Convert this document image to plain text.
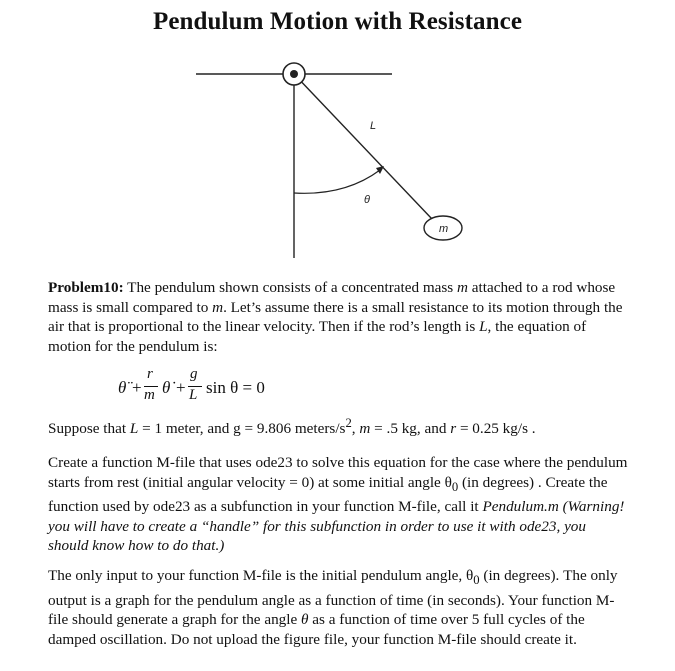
Pendulum Motion with Resistance
L
θ
m

Problem10: The pendulum shown consists of a concentrated mass m attached to a rod whose mass is small compared to m. Let’s assume there is a small resistance to its motion through the air that is proportional to the linear velocity. Then if the rod’s length is L, the equation of motion for the pendulum is:

θ̈ +
r
m θ̇ +
g
L sin θ = 0

Suppose that L = 1 meter, and g = 9.806 meters/$s^2$, m = .5 kg, and r = 0.25 kg/s .

Create a function M-file that uses ode23 to solve this equation for the case where the pendulum starts from rest (initial angular velocity = 0) at some initial angle $\theta_0$ (in degrees) . Create the function used by ode23 as a subfunction in your function M-file, call it Pendulum.m (Warning! you will have to create a “handle” for this subfunction in order to use it with ode23, you should know how to do that.)

The only input to your function M-file is the initial pendulum angle, $\theta_0$ (in degrees). The only output is a graph for the pendulum angle as a function of time (in seconds). Your function M-file should generate a graph for the angle θ as a function of time over 5 full cycles of the damped oscillation. Do not upload the figure file, your function M-file should create it.
